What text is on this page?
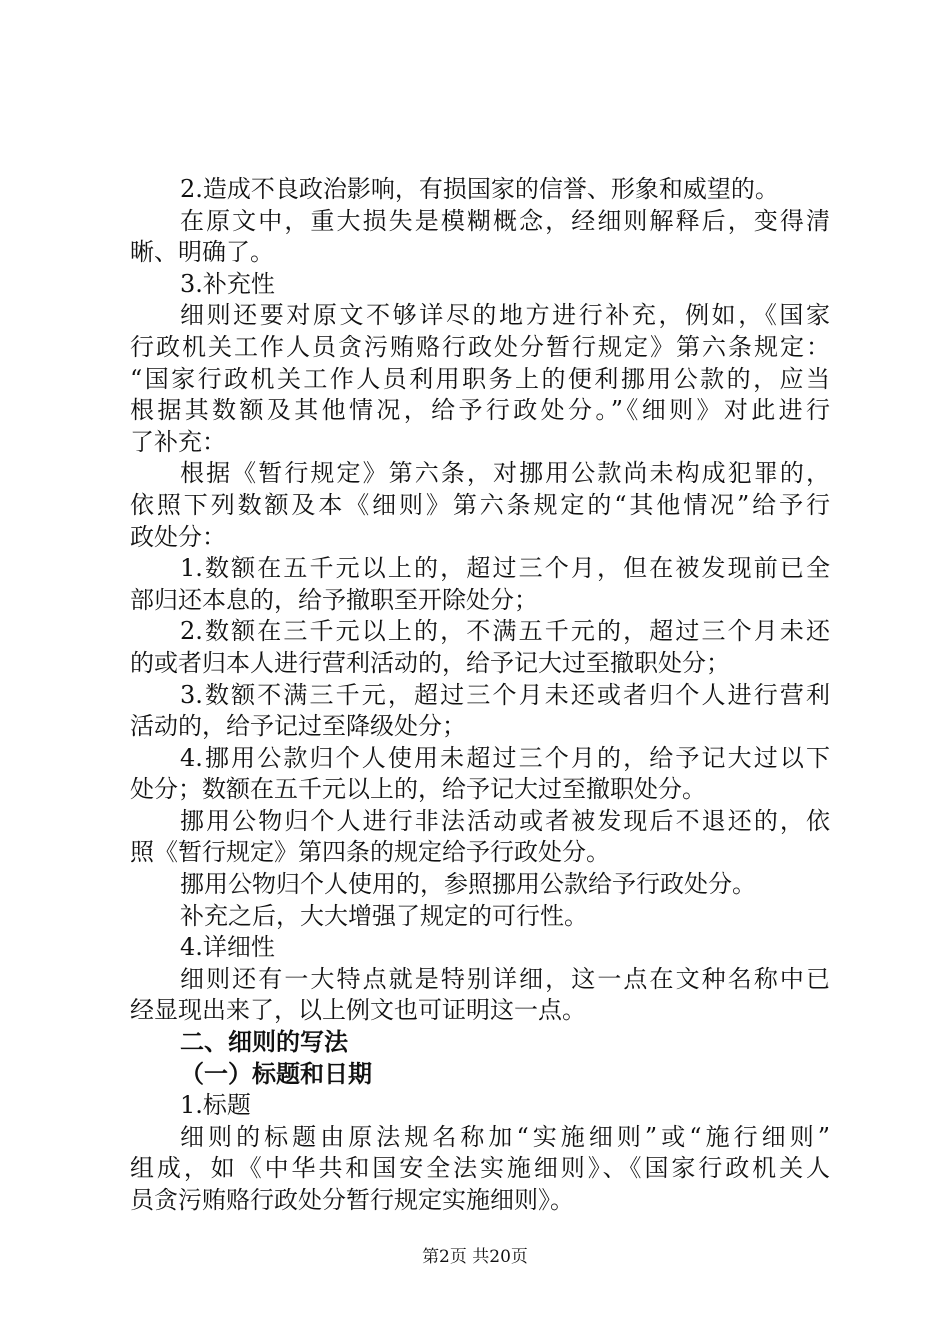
2.造成不良政治影响，有损国家的信誉、形象和威望的。
在原文中，重大损失是模糊概念，经细则解释后，变得清
晰、明确了。
3.补充性
细则还要对原文不够详尽的地方进行补充，例如，《国家
行政机关工作人员贪污贿赂行政处分暂行规定》第六条规定：
“国家行政机关工作人员利用职务上的便利挪用公款的，应当
根据其数额及其他情况，给予行政处分。”《细则》对此进行
了补充：
根据《暂行规定》第六条，对挪用公款尚未构成犯罪的，
依照下列数额及本《细则》第六条规定的“其他情况”给予行
政处分：
1.数额在五千元以上的，超过三个月，但在被发现前已全
部归还本息的，给予撤职至开除处分；
2.数额在三千元以上的，不满五千元的，超过三个月未还
的或者归本人进行营利活动的，给予记大过至撤职处分；
3.数额不满三千元，超过三个月未还或者归个人进行营利
活动的，给予记过至降级处分；
4.挪用公款归个人使用未超过三个月的，给予记大过以下
处分；数额在五千元以上的，给予记大过至撤职处分。
挪用公物归个人进行非法活动或者被发现后不退还的，依
照《暂行规定》第四条的规定给予行政处分。
挪用公物归个人使用的，参照挪用公款给予行政处分。
补充之后，大大增强了规定的可行性。
4.详细性
细则还有一大特点就是特别详细，这一点在文种名称中已
经显现出来了，以上例文也可证明这一点。
二、细则的写法
（一）标题和日期
1.标题
细则的标题由原法规名称加“实施细则”或“施行细则”
组成，如《中华共和国安全法实施细则》、《国家行政机关人
员贪污贿赂行政处分暂行规定实施细则》。
第2页 共20页
